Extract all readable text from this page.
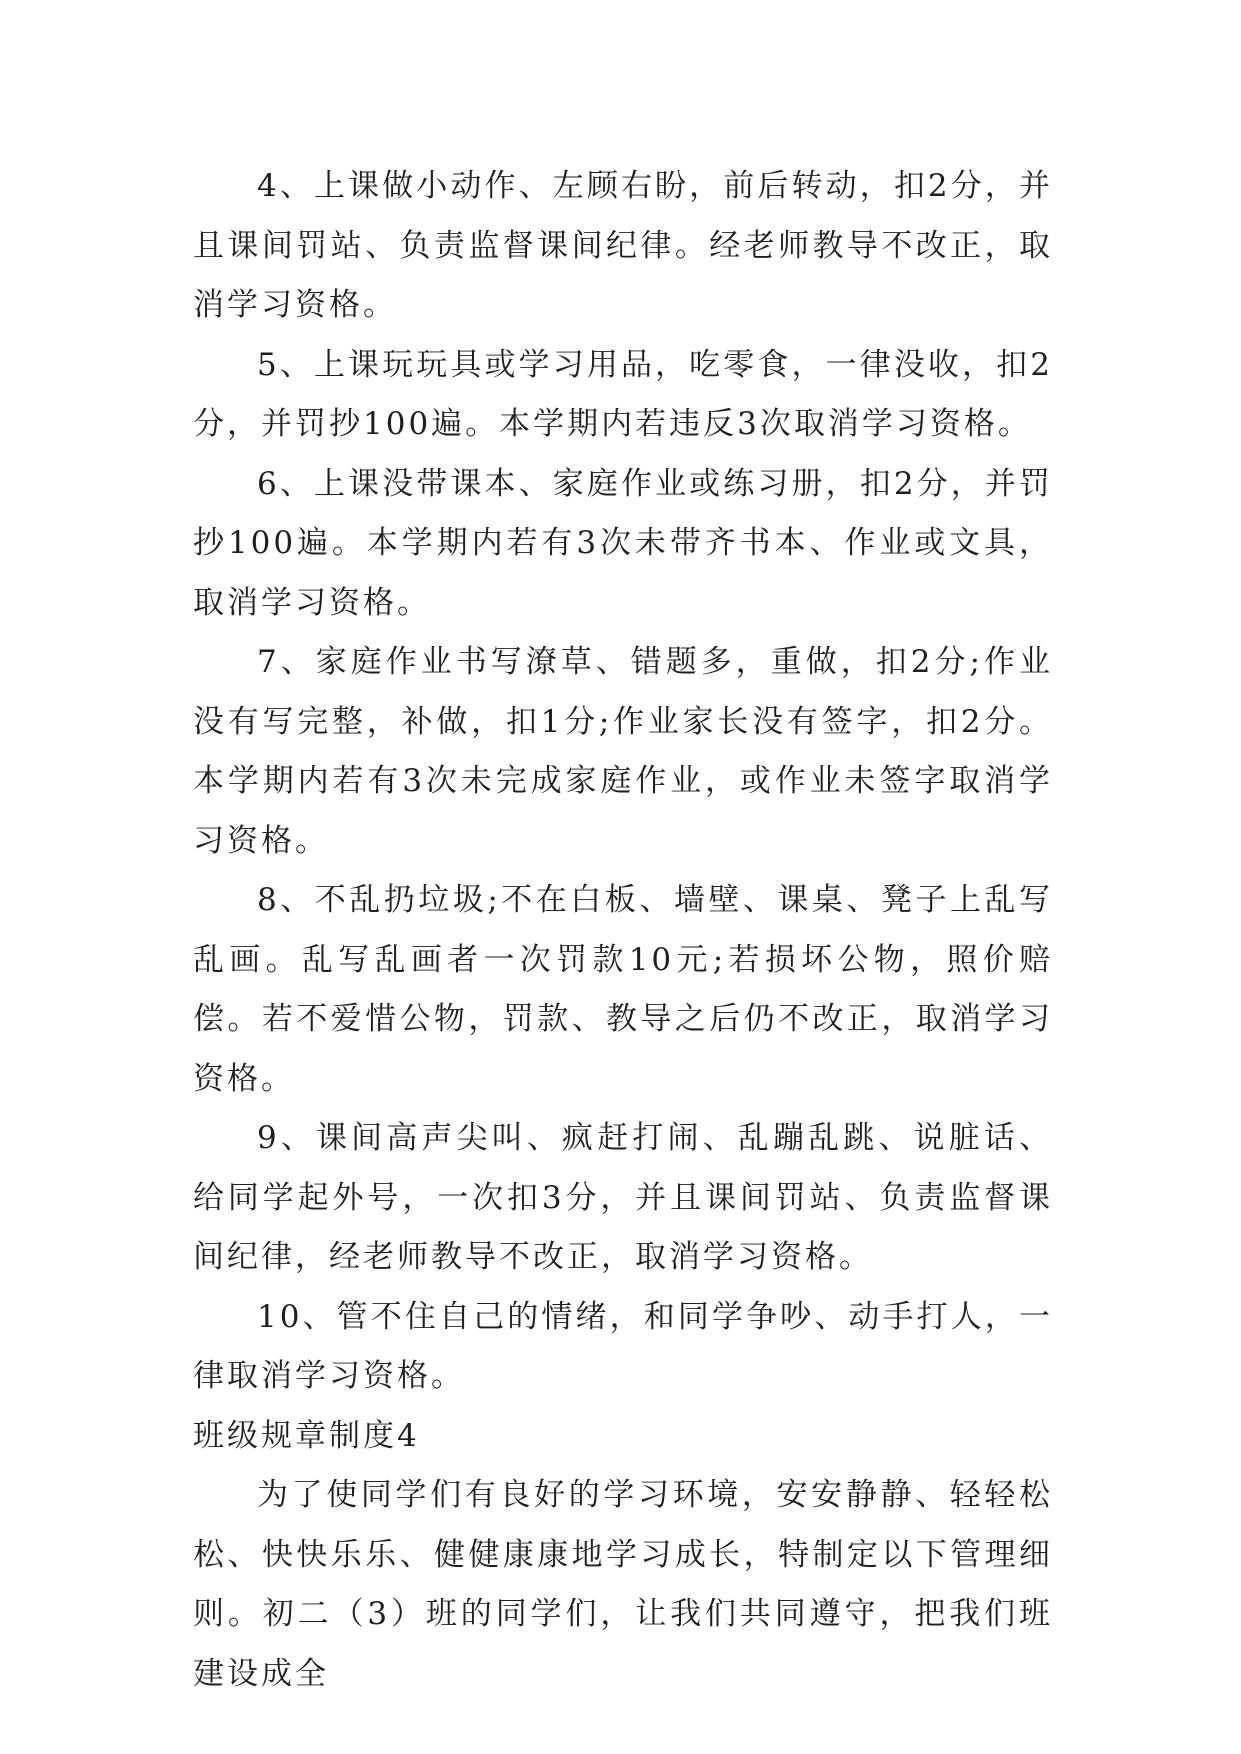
4、上课做小动作、左顾右盼，前后转动，扣2分，并且课间罚站、负责监督课间纪律。经老师教导不改正，取消学习资格。

5、上课玩玩具或学习用品，吃零食，一律没收，扣2分，并罚抄100遍。本学期内若违反3次取消学习资格。

6、上课没带课本、家庭作业或练习册，扣2分，并罚抄100遍。本学期内若有3次未带齐书本、作业或文具，取消学习资格。

7、家庭作业书写潦草、错题多，重做，扣2分;作业没有写完整，补做，扣1分;作业家长没有签字，扣2分。本学期内若有3次未完成家庭作业，或作业未签字取消学习资格。

8、不乱扔垃圾;不在白板、墙壁、课桌、凳子上乱写乱画。乱写乱画者一次罚款10元;若损坏公物，照价赔偿。若不爱惜公物，罚款、教导之后仍不改正，取消学习资格。

9、课间高声尖叫、疯赶打闹、乱蹦乱跳、说脏话、给同学起外号，一次扣3分，并且课间罚站、负责监督课间纪律，经老师教导不改正，取消学习资格。

10、管不住自己的情绪，和同学争吵、动手打人，一律取消学习资格。

班级规章制度4

为了使同学们有良好的学习环境，安安静静、轻轻松松、快快乐乐、健健康康地学习成长，特制定以下管理细则。初二（3）班的同学们，让我们共同遵守，把我们班建设成全
